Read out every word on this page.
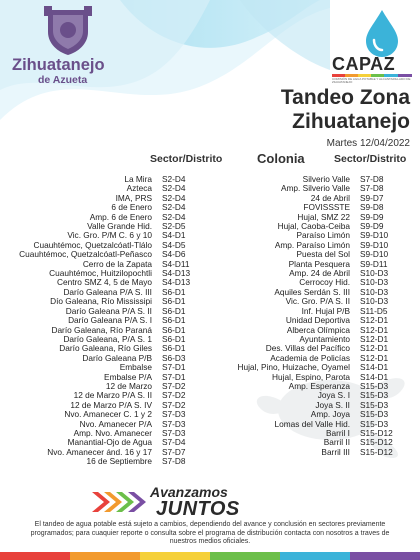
Zihuatanejo
de Azueta
CAPAZ
COMISIÓN DE AGUA POTABLE Y ALCANTARILLADO DE ZIHUATANEJO
Tandeo Zona
Zihuatanejo
Martes 12/04/2022
Sector/Distrito	Colonia	Sector/Distrito
La Mira	S2-D4
Azteca	S2-D4
IMA, PRS	S2-D4
6 de Enero	S2-D4
Amp. 6 de Enero	S2-D4
Valle Grande Hid.	S2-D5
Vic. Gro. P/M C. 6 y 10	S4-D1
Cuauhtémoc, Quetzalcóatl-Tlálo	S4-D5
Cuauhtémoc, Quetzalcóatl-Peñasco	S4-D6
Cerro de la Zapata	S4-D11
Cuauhtémoc, Huitzilopochtli	S4-D13
Centro SMZ 4, 5 de Mayo	S4-D13
Darío Galeana P/A S. III	S6-D1
Dío Galeana, Río Mississipi	S6-D1
Darío Galeana P/A S. II	S6-D1
Darío Galeana P/A S. I	S6-D1
Darío Galeana, Río Paraná	S6-D1
Darío Galeana, P/A S. 1	S6-D1
Darío Galeana, Río Giles	S6-D1
Darío Galeana P/B	S6-D3
Embalse	S7-D1
Embalse P/A	S7-D1
12 de Marzo	S7-D2
12 de Marzo P/A S. II	S7-D2
12 de Marzo P/A S. IV	S7-D2
Nvo. Amanecer C. 1 y 2	S7-D3
Nvo. Amanecer P/A	S7-D3
Amp. Nvo. Amanecer	S7-D3
Manantial-Ojo de Agua	S7-D4
Nvo. Amanecer ánd. 16 y 17	S7-D7
16 de Septiembre	S7-D8
Silverio Valle	S7-D8
Amp. Silverio Valle	S7-D8
24 de Abril	S9-D7
FOVISSSTE	S9-D8
Hujal, SMZ 22	S9-D9
Hujal, Caoba-Ceiba	S9-D9
Paraíso Limón	S9-D10
Amp. Paraíso Limón	S9-D10
Puesta del Sol	S9-D10
Planta Pesquera	S9-D11
Amp. 24 de Abril	S10-D3
Cerrocoy Hid.	S10-D3
Aquiles Serdán S. III	S10-D3
Vic. Gro. P/A S. II	S10-D3
Inf. Hujal P/B	S11-D5
Unidad Deportiva	S12-D1
Alberca Olímpica	S12-D1
Ayuntamiento	S12-D1
Des. Villas del Pacífico	S12-D1
Academia de Policías	S12-D1
Hujal, Pino, Huizache, Oyamel	S14-D1
Hujal, Espino, Parota	S14-D1
Amp. Esperanza	S15-D3
Joya S. I	S15-D3
Joya S. II	S15-D3
Amp. Joya	S15-D3
Lomas del Valle Hid.	S15-D3
Barril I	S15-D12
Barril II	S15-D12
Barril III	S15-D12
Avanzamos
JUNTOS
El tandeo de agua potable está sujeto a cambios, dependiendo del avance y conclusión en sectores previamente programados; para cuaquier reporte o consulta sobre el programa de distribución contacta con nosotros a traves de nuestros medios oficiales.
